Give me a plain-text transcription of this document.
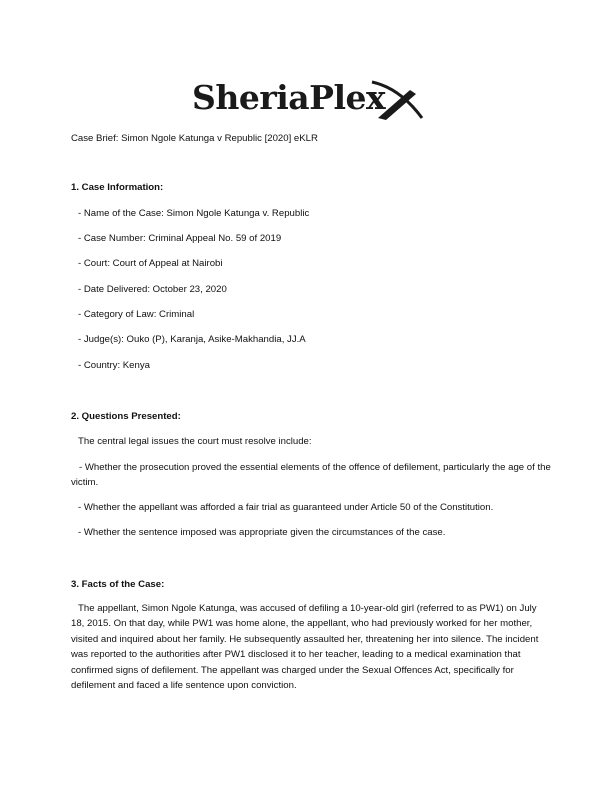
SheriaPlex
Case Brief: Simon Ngole Katunga v Republic [2020] eKLR
1. Case Information:
- Name of the Case: Simon Ngole Katunga v. Republic
- Case Number: Criminal Appeal No. 59 of 2019
- Court: Court of Appeal at Nairobi
- Date Delivered: October 23, 2020
- Category of Law: Criminal
- Judge(s): Ouko (P), Karanja, Asike-Makhandia, JJ.A
- Country: Kenya
2. Questions Presented:
The central legal issues the court must resolve include:
- Whether the prosecution proved the essential elements of the offence of defilement, particularly the age of the victim.
- Whether the appellant was afforded a fair trial as guaranteed under Article 50 of the Constitution.
- Whether the sentence imposed was appropriate given the circumstances of the case.
3. Facts of the Case:
The appellant, Simon Ngole Katunga, was accused of defiling a 10-year-old girl (referred to as PW1) on July 18, 2015. On that day, while PW1 was home alone, the appellant, who had previously worked for her mother, visited and inquired about her family. He subsequently assaulted her, threatening her into silence. The incident was reported to the authorities after PW1 disclosed it to her teacher, leading to a medical examination that confirmed signs of defilement. The appellant was charged under the Sexual Offences Act, specifically for defilement and faced a life sentence upon conviction.
